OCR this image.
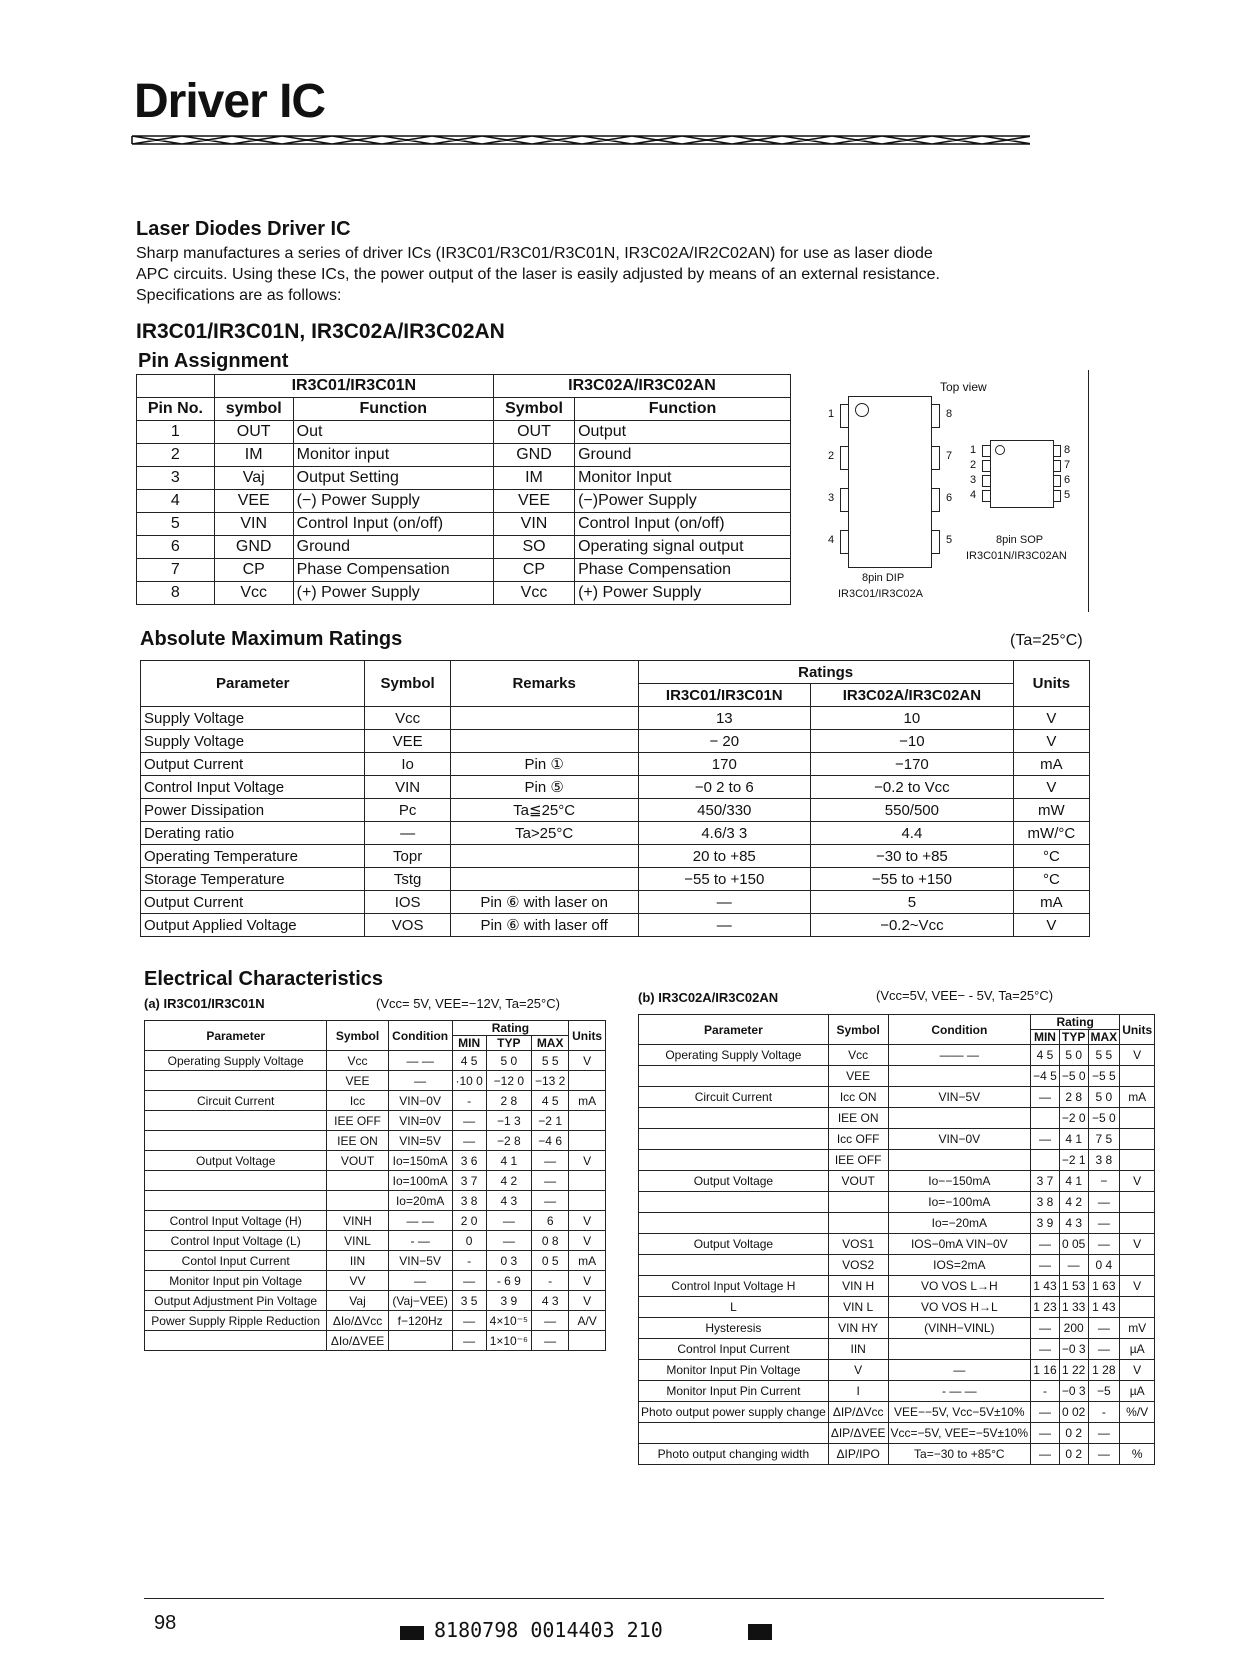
Driver IC
Laser Diodes Driver IC
Sharp manufactures a series of driver ICs (IR3C01/R3C01/R3C01N, IR3C02A/IR2C02AN) for use as laser diode
APC circuits. Using these ICs, the power output of the laser is easily adjusted by means of an external resistance.
Specifications are as follows:
IR3C01/IR3C01N, IR3C02A/IR3C02AN
Pin Assignment
	IR3C01/IR3C01N		IR3C02A/IR3C02AN	
Pin No.	symbol	Function	Symbol	Function
1	OUT	Out	OUT	Output
2	IM	Monitor input	GND	Ground
3	Vaj	Output Setting	IM	Monitor Input
4	VEE	(−) Power Supply	VEE	(−)Power Supply
5	VIN	Control Input (on/off)	VIN	Control Input (on/off)
6	GND	Ground	SO	Operating signal output
7	CP	Phase Compensation	CP	Phase Compensation
8	Vcc	(+) Power Supply	Vcc	(+) Power Supply
Top view
1
2
3
4
8
7
6
5
8pin DIP
IR3C01/IR3C02A
1
2
3
4
8
7
6
5
8pin SOP
IR3C01N/IR3C02AN
Absolute Maximum Ratings	(Ta=25°C)
Parameter	Symbol	Remarks	Ratings		Units
			IR3C01/IR3C01N	IR3C02A/IR3C02AN	
Supply Voltage	Vcc		13	10	V
Supply Voltage	VEE		− 20	−10	V
Output Current	Io	Pin ①	170	−170	mA
Control Input Voltage	VIN	Pin ⑤	−0 2 to 6	−0.2 to Vcc	V
Power Dissipation	Pc	Ta≦25°C	450/330	550/500	mW
Derating ratio	—	Ta>25°C	4.6/3 3	4.4	mW/°C
Operating Temperature	Topr		20 to +85	−30 to +85	°C
Storage Temperature	Tstg		−55 to +150	−55 to +150	°C
Output Current	IOS	Pin ⑥ with laser on	—	5	mA
Output Applied Voltage	VOS	Pin ⑥ with laser off	—	−0.2~Vcc	V
Electrical Characteristics
(a) IR3C01/IR3C01N	(Vcc= 5V, VEE=−12V, Ta=25°C)	(b) IR3C02A/IR3C02AN	(Vcc=5V, VEE− - 5V, Ta=25°C)
Parameter	Symbol	Condition	Rating			Units
			MIN	TYP	MAX	
Operating Supply Voltage	Vcc	— —	4 5	5 0	5 5	V
	VEE	—	·10 0	−12 0	−13 2	
Circuit Current	Icc	VIN−0V	-	2 8	4 5	mA
	IEE OFF	VIN=0V	—	−1 3	−2 1	
	IEE ON	VIN=5V	—	−2 8	−4 6	
Output Voltage	VOUT	Io=150mA	3 6	4 1	—	V
		Io=100mA	3 7	4 2	—	
		Io=20mA	3 8	4 3	—	
Control Input Voltage (H)	VINH	— —	2 0	—	6	V
Control Input Voltage (L)	VINL	- —	0	—	0 8	V
Contol Input Current	IIN	VIN−5V	-	0 3	0 5	mA
Monitor Input pin Voltage	VV	—	—	- 6 9	-	V
Output Adjustment Pin Voltage	Vaj	(Vaj−VEE)	3 5	3 9	4 3	V
Power Supply Ripple Reduction	ΔIo/ΔVcc	f−120Hz	—	4×10⁻⁵	—	A/V
	ΔIo/ΔVEE		—	1×10⁻⁶	—	
Parameter	Symbol	Condition	Rating			Units
			MIN	TYP	MAX	
Operating Supply Voltage	Vcc	—— —	4 5	5 0	5 5	V
	VEE		−4 5	−5 0	−5 5	
Circuit Current	Icc ON	VIN−5V	—	2 8	5 0	mA
	IEE ON			−2 0	−5 0	
	Icc OFF	VIN−0V	—	4 1	7 5	
	IEE OFF			−2 1	3 8	
Output Voltage	VOUT	Io−−150mA	3 7	4 1	−	V
		Io=−100mA	3 8	4 2	—	
		Io=−20mA	3 9	4 3	—	
Output Voltage	VOS1	IOS−0mA VIN−0V	—	0 05	—	V
	VOS2	IOS=2mA	—	—	0 4	
Control Input Voltage H	VIN H	VO VOS L→H	1 43	1 53	1 63	V
L	VIN L	VO VOS H→L	1 23	1 33	1 43	
Hysteresis	VIN HY	(VINH−VINL)	—	200	—	mV
Control Input Current	IIN		—	−0 3	—	µA
Monitor Input Pin Voltage	V	—	1 16	1 22	1 28	V
Monitor Input Pin Current	I	- — —	-	−0 3	−5	µA
Photo output power supply change	ΔIP/ΔVcc	VEE−−5V, Vcc−5V±10%	—	0 02	-	%/V
	ΔIP/ΔVEE	Vcc=−5V, VEE=−5V±10%	—	0 2	—	
Photo output changing width	ΔIP/IPO	Ta=−30 to +85°C	—	0 2	—	%
98	8180798 0014403 210
